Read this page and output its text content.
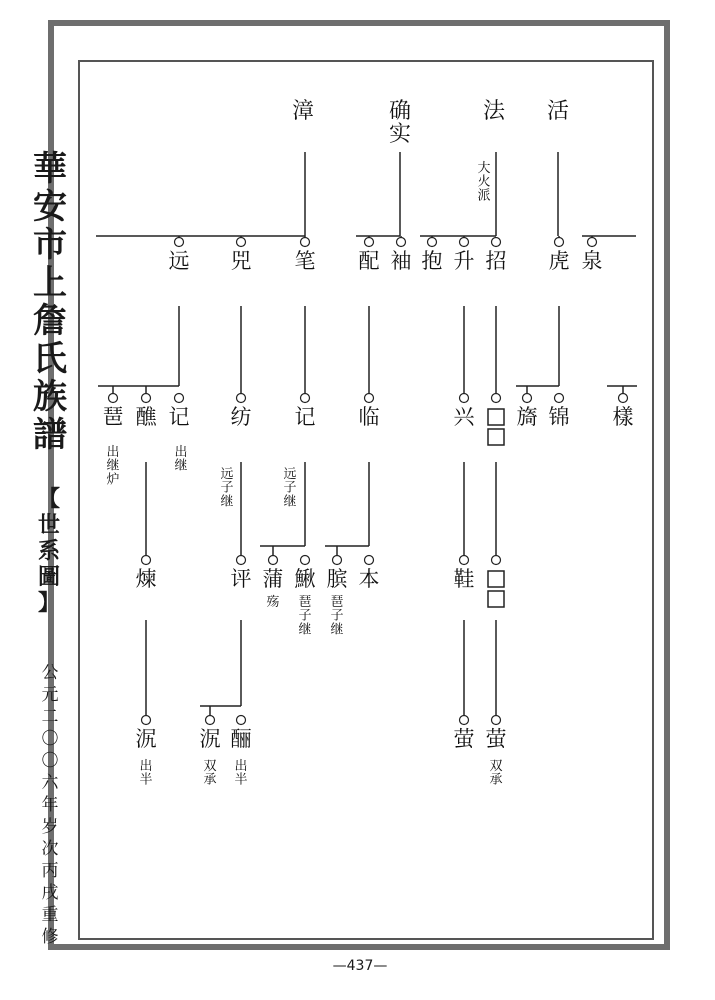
華
安
市
上
詹
氏
族
譜
【
世
系
圖
】
公
元
二
〇
〇
六
年
岁
次
丙
戌
重
修
—437—
漳	确
实
法 活
远 兕 笔 配 袖 抱 升 招 虎 泉
琶 醮 记 纺 记 临	兴 旖 锦 樣
煉	评 蒲 鰍 膑 本	鞋
泦 泦 酾	萤 萤
大
火
派
出
继
炉
出
继
远
子
继
远
子
继
殇 琶
子
继
琶
子
继
出
半
双
承
出
半
双
承
